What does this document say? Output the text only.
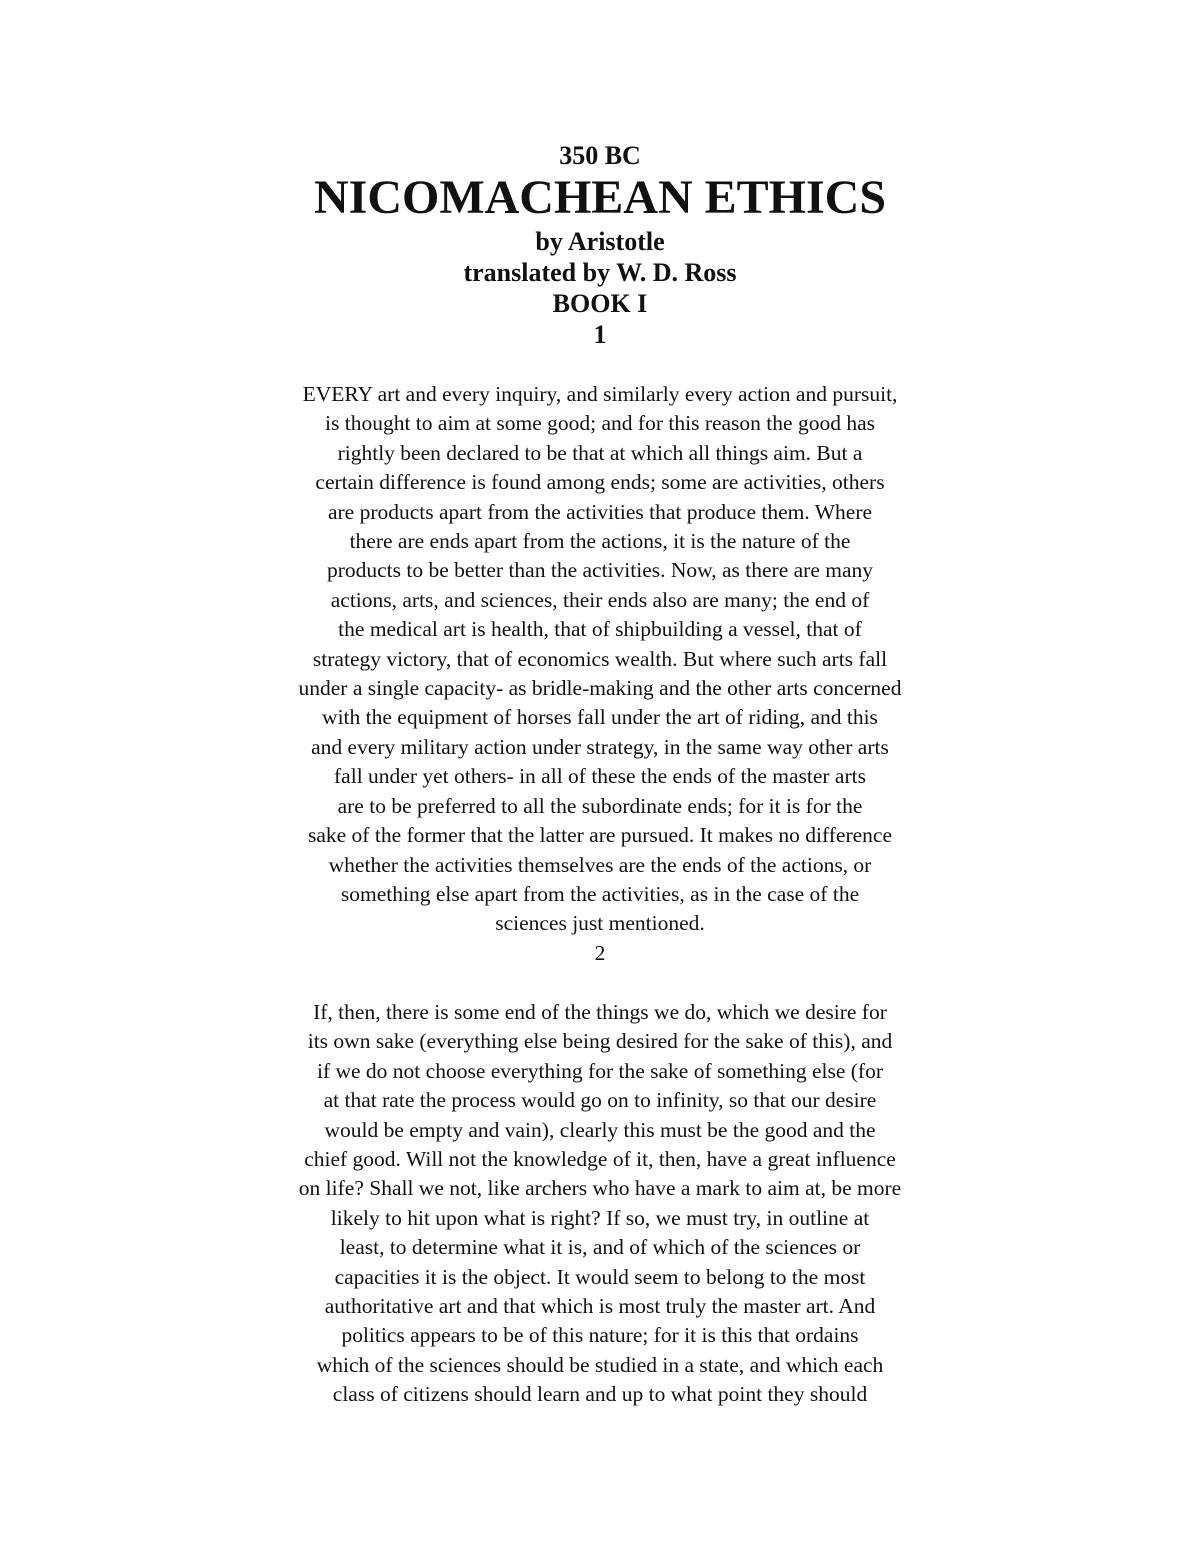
350 BC
NICOMACHEAN ETHICS
by Aristotle
translated by W. D. Ross
BOOK I
1
EVERY art and every inquiry, and similarly every action and pursuit,
is thought to aim at some good; and for this reason the good has
rightly been declared to be that at which all things aim. But a
certain difference is found among ends; some are activities, others
are products apart from the activities that produce them. Where
there are ends apart from the actions, it is the nature of the
products to be better than the activities. Now, as there are many
actions, arts, and sciences, their ends also are many; the end of
the medical art is health, that of shipbuilding a vessel, that of
strategy victory, that of economics wealth. But where such arts fall
under a single capacity- as bridle-making and the other arts concerned
with the equipment of horses fall under the art of riding, and this
and every military action under strategy, in the same way other arts
fall under yet others- in all of these the ends of the master arts
are to be preferred to all the subordinate ends; for it is for the
sake of the former that the latter are pursued. It makes no difference
whether the activities themselves are the ends of the actions, or
something else apart from the activities, as in the case of the
sciences just mentioned.
2
If, then, there is some end of the things we do, which we desire for
its own sake (everything else being desired for the sake of this), and
if we do not choose everything for the sake of something else (for
at that rate the process would go on to infinity, so that our desire
would be empty and vain), clearly this must be the good and the
chief good. Will not the knowledge of it, then, have a great influence
on life? Shall we not, like archers who have a mark to aim at, be more
likely to hit upon what is right? If so, we must try, in outline at
least, to determine what it is, and of which of the sciences or
capacities it is the object. It would seem to belong to the most
authoritative art and that which is most truly the master art. And
politics appears to be of this nature; for it is this that ordains
which of the sciences should be studied in a state, and which each
class of citizens should learn and up to what point they should
